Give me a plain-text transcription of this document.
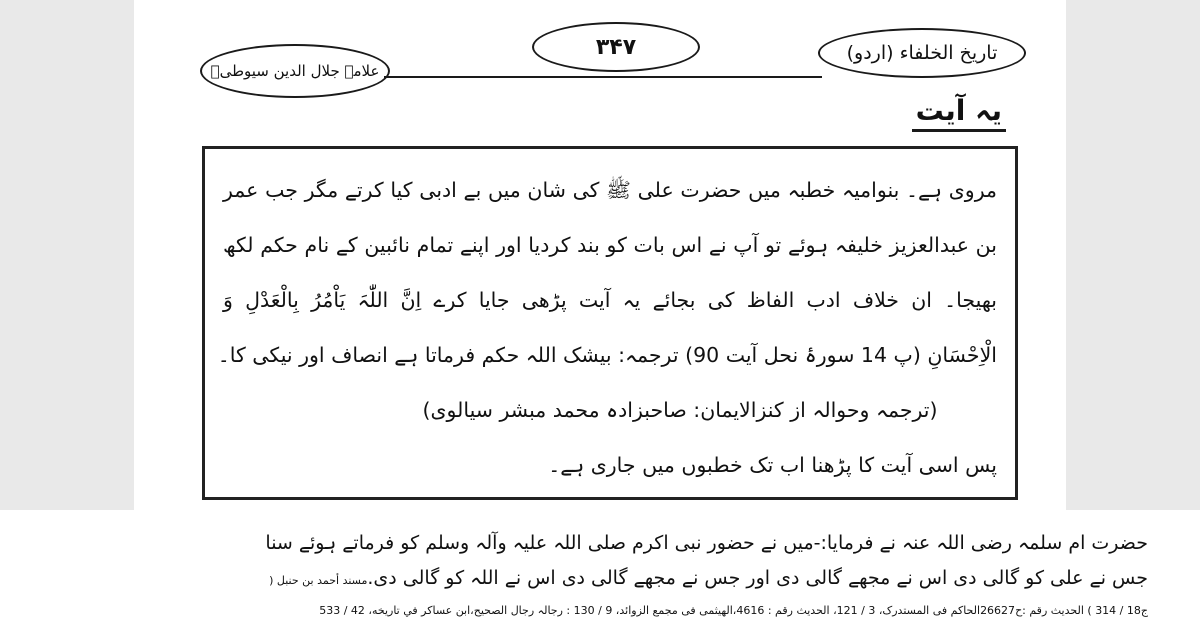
علامہ جلال الدین سیوطیؒ
۳۴۷	تاریخ الخلفاء (اردو)
یہ آیت
مروی ہے۔ بنوامیہ خطبہ میں حضرت علی ﷺ کی شان میں بے ادبی کیا کرتے مگر جب عمر
بن عبدالعزیز خلیفہ ہوئے تو آپ نے اس بات کو بند کردیا اور اپنے تمام نائبین کے نام حکم لکھ
بھیجا۔ ان خلاف ادب الفاظ کی بجائے یہ آیت پڑھی جایا کرے اِنَّ اللّٰہَ یَاْمُرُ بِالْعَدْلِ وَ
الْاِحْسَانِ (پ 14 سورۂ نحل آیت 90) ترجمہ: بیشک اللہ حکم فرماتا ہے انصاف اور نیکی کا۔
(ترجمہ وحوالہ از کنزالایمان: صاحبزادہ محمد مبشر سیالوی)
پس اسی آیت کا پڑھنا اب تک خطبوں میں جاری ہے۔
حضرت ام سلمہ رضی اللہ عنہ نے فرمایا:-میں نے حضور نبی اکرم صلی اللہ علیہ وآلہ وسلم کو فرماتے ہوئے سنا
جس نے علی کو گالی دی اس نے مجھے گالی دی اور جس نے مجھے گالی دی اس نے اللہ کو گالی دی.مسند أحمد بن حنبل (
ج18 / 314 ) الحدیث رقم :ح26627الحاکم فی المستدرک، 3 / 121، الحدیث رقم : 4616،الھیثمی فی مجمع الزوائد، 9 / 130 : رجالہ رجال الصحیح،ابن عساکر في تاریخه، 42 / 533
